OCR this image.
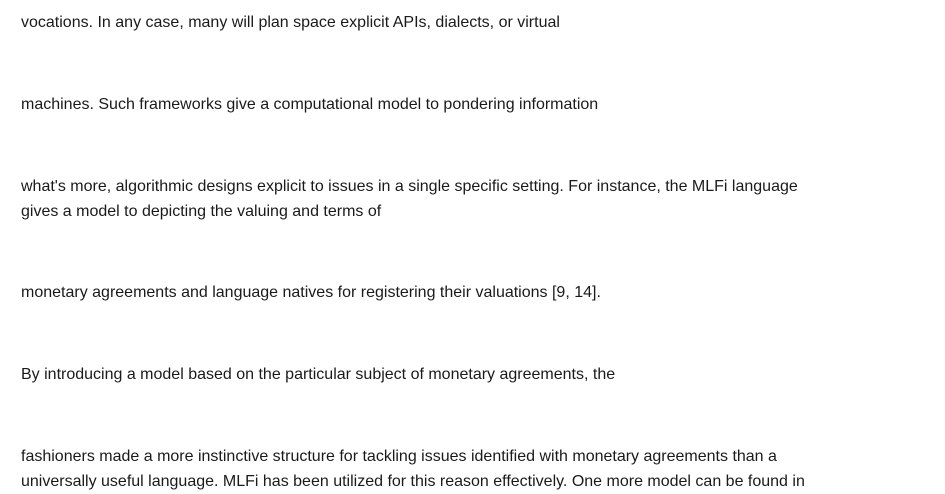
vocations. In any case, many will plan space explicit APIs, dialects, or virtual

machines. Such frameworks give a computational model to pondering information

what's more, algorithmic designs explicit to issues in a single specific setting. For instance, the MLFi language gives a model to depicting the valuing and terms of

monetary agreements and language natives for registering their valuations [9, 14].

By introducing a model based on the particular subject of monetary agreements, the

fashioners made a more instinctive structure for tackling issues identified with monetary agreements than a universally useful language. MLFi has been utilized for this reason effectively. One more model can be found in
